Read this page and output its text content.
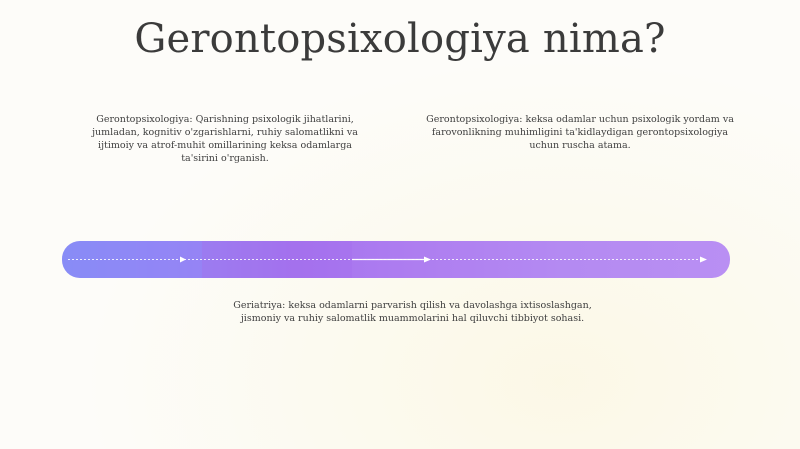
Gerontopsixologiya nima?

Gerontopsixologiya: Qarishning psixologik jihatlarini, jumladan, kognitiv o'zgarishlarni, ruhiy salomatlikni va ijtimoiy va atrof-muhit omillarining keksa odamlarga ta'sirini o'rganish.

Gerontopsixologiya: keksa odamlar uchun psixologik yordam va farovonlikning muhimligini ta'kidlaydigan gerontopsixologiya uchun ruscha atama.

Geriatriya: keksa odamlarni parvarish qilish va davolashga ixtisoslashgan, jismoniy va ruhiy salomatlik muammolarini hal qiluvchi tibbiyot sohasi.
